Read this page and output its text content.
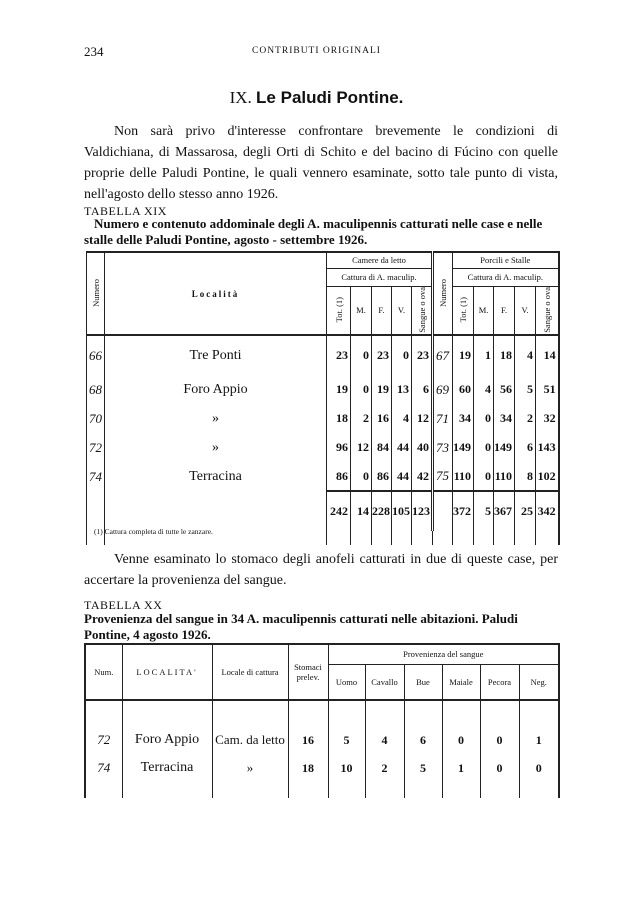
234	CONTRIBUTI ORIGINALI
IX. Le Paludi Pontine.

Non sarà privo d'interesse confrontare brevemente le condizioni di Valdichiana, di Massarosa, degli Orti di Schito e del bacino di Fúcino con quelle proprie delle Paludi Pontine, le quali vennero esaminate, sotto tale punto di vista, nell'agosto dello stesso anno 1926.

TABELLA XIX
Numero e contenuto addominale degli A. maculipennis catturati nelle case e nelle stalle delle Paludi Pontine, agosto - settembre 1926.
Numero	Località	Camere da letto					Numero	Porcili e Stalle				
		Cattura di A. maculip.						Cattura di A. maculip.				
		Tot. (1)	M.	F.	V.	Sangue o ova		Tot. (1)	M.	F.	V.	Sangue o ova
66	Tre Ponti	23	0	23	0	23	67	19	1	18	4	14
68	Foro Appio	19	0	19	13	6	69	60	4	56	5	51
70	»	18	2	16	4	12	71	34	0	34	2	32
72	»	96	12	84	44	40	73	149	0	149	6	143
74	Terracina	86	0	86	44	42	75	110	0	110	8	102
		242	14	228	105	123		372	5	367	25	342

(1) Cattura completa di tutte le zanzare.

Venne esaminato lo stomaco degli anofeli catturati in due di queste case, per accertare la provenienza del sangue.

TABELLA XX
Provenienza del sangue in 34 A. maculipennis catturati nelle abitazioni. Paludi Pontine, 4 agosto 1926.
Num.	LOCALITA'	Locale di cattura	Stomaci prelev.	Provenienza del sangue					
				Uomo	Cavallo	Bue	Maiale	Pecora	Neg.
72	Foro Appio	Cam. da letto	16	5	4	6	0	0	1
74	Terracina	»	18	10	2	5	1	0	0
